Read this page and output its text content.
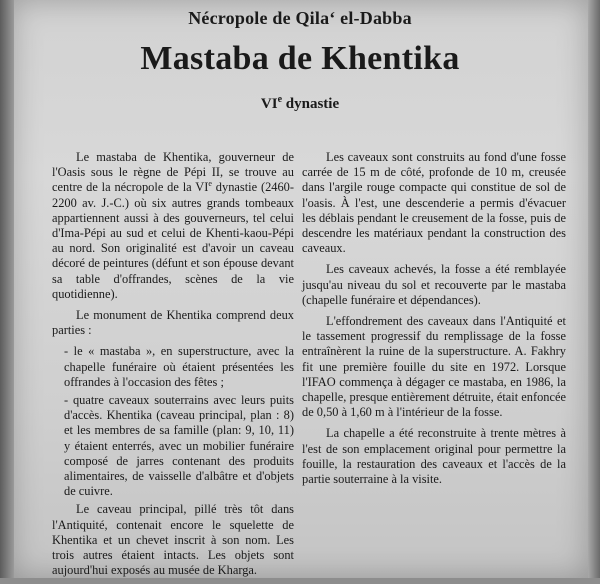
Nécropole de Qila‘ el-Dabba
Mastaba de Khentika
VIe dynastie

Le mastaba de Khentika, gouverneur de l'Oasis sous le règne de Pépi II, se trouve au centre de la nécropole de la VIe dynastie (2460-2200 av. J.-C.) où six autres grands tombeaux appartiennent aussi à des gouverneurs, tel celui d'Ima-Pépi au sud et celui de Khenti-kaou-Pépi au nord. Son originalité est d'avoir un caveau décoré de peintures (défunt et son épouse devant sa table d'offrandes, scènes de la vie quotidienne).

Le monument de Khentika comprend deux parties :

- le « mastaba », en superstructure, avec la chapelle funéraire où étaient présentées les offrandes à l'occasion des fêtes ;

- quatre caveaux souterrains avec leurs puits d'accès. Khentika (caveau principal, plan : 8) et les membres de sa famille (plan: 9, 10, 11) y étaient enterrés, avec un mobilier funéraire composé de jarres contenant des produits alimentaires, de vaisselle d'albâtre et d'objets de cuivre.

Le caveau principal, pillé très tôt dans l'Antiquité, contenait encore le squelette de Khentika et un chevet inscrit à son nom. Les trois autres étaient intacts. Les objets sont aujourd'hui exposés au musée de Kharga.

Les caveaux sont construits au fond d'une fosse carrée de 15 m de côté, profonde de 10 m, creusée dans l'argile rouge compacte qui constitue de sol de l'oasis. À l'est, une descenderie a permis d'évacuer les déblais pendant le creusement de la fosse, puis de descendre les matériaux pendant la construction des caveaux.

Les caveaux achevés, la fosse a été remblayée jusqu'au niveau du sol et recouverte par le mastaba (chapelle funéraire et dépendances).

L'effondrement des caveaux dans l'Antiquité et le tassement progressif du remplissage de la fosse entraînèrent la ruine de la superstructure. A. Fakhry fit une première fouille du site en 1972. Lorsque l'IFAO commença à dégager ce mastaba, en 1986, la chapelle, presque entièrement détruite, était enfoncée de 0,50 à 1,60 m à l'intérieur de la fosse.

La chapelle a été reconstruite à trente mètres à l'est de son emplacement original pour permettre la fouille, la restauration des caveaux et l'accès de la partie souterraine à la visite.
